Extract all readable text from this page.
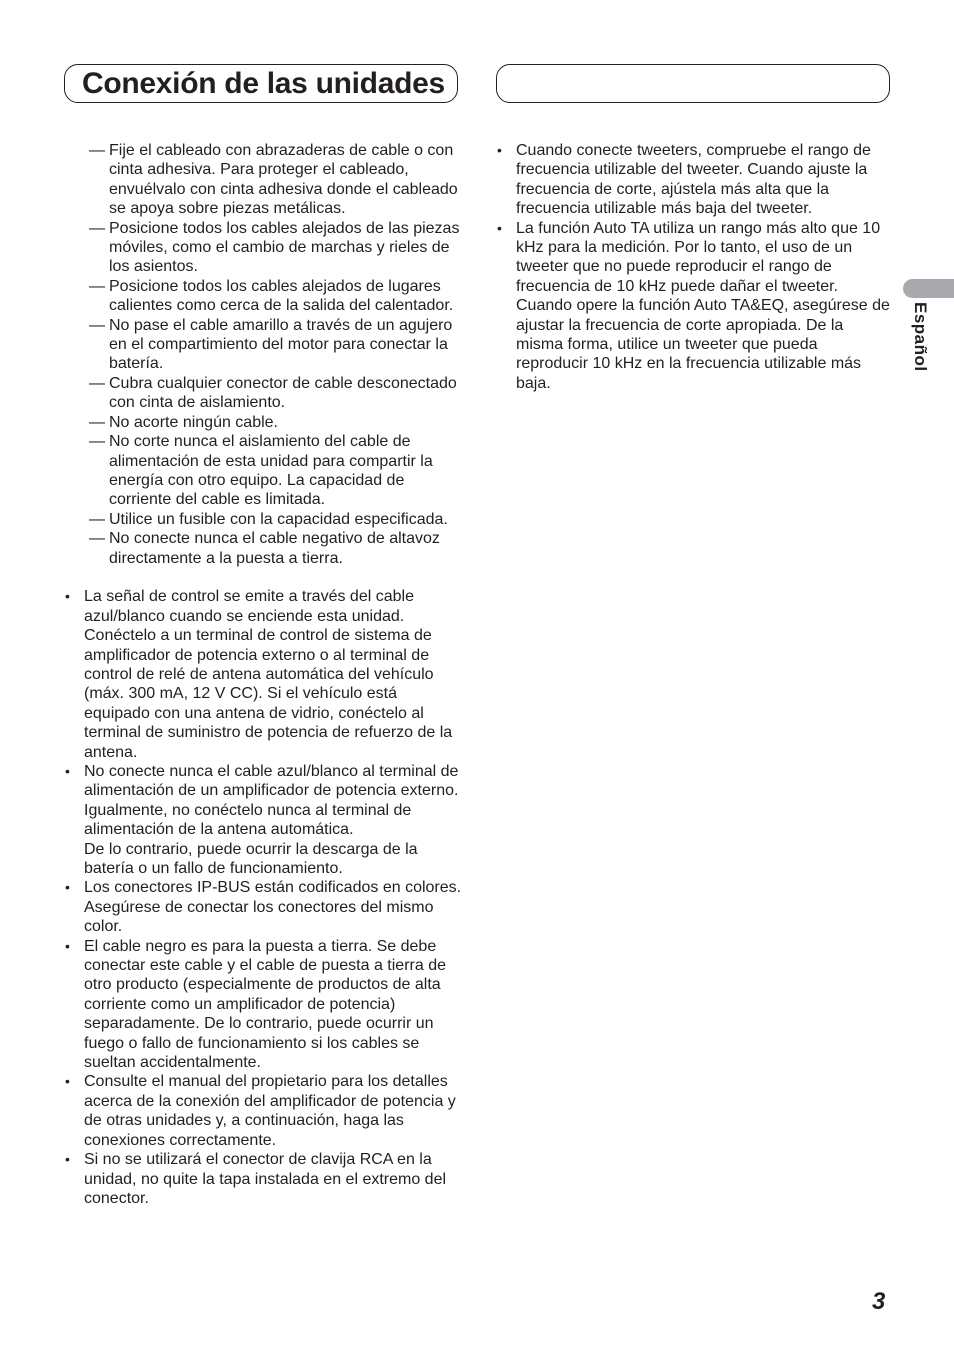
Conexión de las unidades
Español
— Fije el cableado con abrazaderas de cable o con cinta adhesiva. Para proteger el cableado, envuélvalo con cinta adhesiva donde el cableado se apoya sobre piezas metálicas.
— Posicione todos los cables alejados de las piezas móviles, como el cambio de marchas y rieles de los asientos.
— Posicione todos los cables alejados de lugares calientes como cerca de la salida del calentador.
— No pase el cable amarillo a través de un agujero en el compartimiento del motor para conectar la batería.
— Cubra cualquier conector de cable desconectado con cinta de aislamiento.
— No acorte ningún cable.
— No corte nunca el aislamiento del cable de alimentación de esta unidad para compartir la energía con otro equipo. La capacidad de corriente del cable es limitada.
— Utilice un fusible con la capacidad especificada.
— No conecte nunca el cable negativo de altavoz directamente a la puesta a tierra.
• La señal de control se emite a través del cable azul/blanco cuando se enciende esta unidad. Conéctelo a un terminal de control de sistema de amplificador de potencia externo o al terminal de control de relé de antena automática del vehículo (máx. 300 mA, 12 V CC). Si el vehículo está equipado con una antena de vidrio, conéctelo al terminal de suministro de potencia de refuerzo de la antena.
• No conecte nunca el cable azul/blanco al terminal de alimentación de un amplificador de potencia externo. Igualmente, no conéctelo nunca al terminal de alimentación de la antena automática.
De lo contrario, puede ocurrir la descarga de la batería o un fallo de funcionamiento.
• Los conectores IP-BUS están codificados en colores. Asegúrese de conectar los conectores del mismo color.
• El cable negro es para la puesta a tierra. Se debe conectar este cable y el cable de puesta a tierra de otro producto (especialmente de productos de alta corriente como un amplificador de potencia) separadamente. De lo contrario, puede ocurrir un fuego o fallo de funcionamiento si los cables se sueltan accidentalmente.
• Consulte el manual del propietario para los detalles acerca de la conexión del amplificador de potencia y de otras unidades y, a continuación, haga las conexiones correctamente.
• Si no se utilizará el conector de clavija RCA en la unidad, no quite la tapa instalada en el extremo del conector.
• Cuando conecte tweeters, compruebe el rango de frecuencia utilizable del tweeter. Cuando ajuste la frecuencia de corte, ajústela más alta que la frecuencia utilizable más baja del tweeter.
• La función Auto TA utiliza un rango más alto que 10 kHz para la medición. Por lo tanto, el uso de un tweeter que no puede reproducir el rango de frecuencia de 10 kHz puede dañar el tweeter. Cuando opere la función Auto TA&EQ, asegúrese de ajustar la frecuencia de corte apropiada. De la misma forma, utilice un tweeter que pueda reproducir 10 kHz en la frecuencia utilizable más baja.
3
